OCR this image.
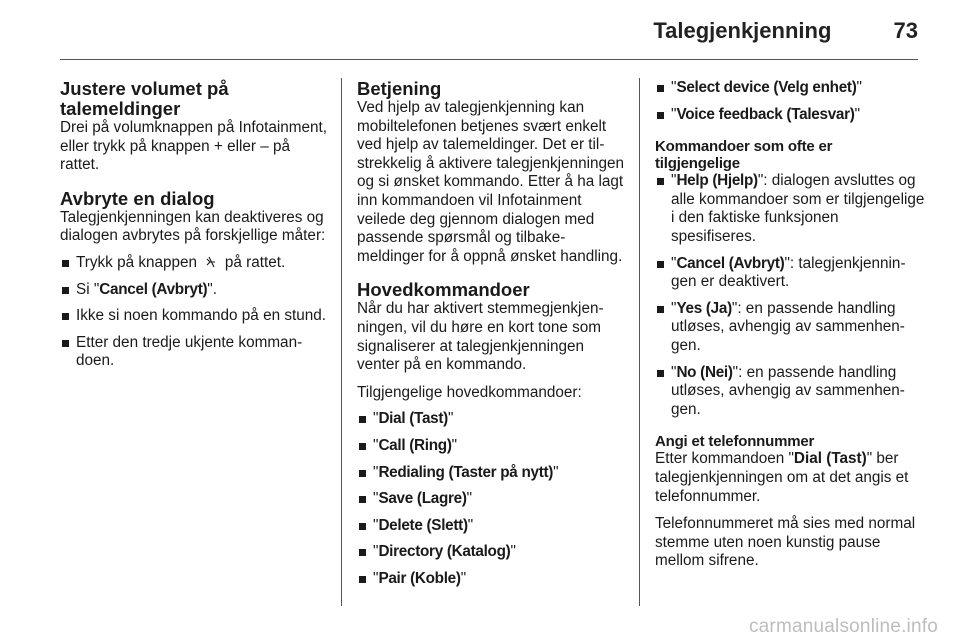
Talegjenkjenning	73
Justere volumet på
talemeldinger

Drei på volumknappen på Infotainment, eller trykk på knappen + eller – på rattet.

Avbryte en dialog

Talegjenkjenningen kan deaktiveres og dialogen avbrytes på forskjellige måter:

Trykk på knappen på rattet.
Si "Cancel (Avbryt)".
Ikke si noen kommando på en stund.
Etter den tredje ukjente kommandoen.
Betjening

Ved hjelp av talegjenkjenning kan mobiltelefonen betjenes svært enkelt ved hjelp av talemeldinger. Det er tilstrekkelig å aktivere talegjenkjenningen og si ønsket kommando. Etter å ha lagt inn kommandoen vil Infotainment veilede deg gjennom dialogen med passende spørsmål og tilbakemeldinger for å oppnå ønsket handling.

Hovedkommandoer

Når du har aktivert stemmegjenkjenningen, vil du høre en kort tone som signaliserer at talegjenkjenningen venter på en kommando.

Tilgjengelige hovedkommandoer:

"Dial (Tast)"
"Call (Ring)"
"Redialing (Taster på nytt)"
"Save (Lagre)"
"Delete (Slett)"
"Directory (Katalog)"
"Pair (Koble)"
"Select device (Velg enhet)"
"Voice feedback (Talesvar)"
Kommandoer som ofte er
tilgjengelige
"Help (Hjelp)": dialogen avsluttes og alle kommandoer som er tilgjengelige i den faktiske funksjonen spesifiseres.
"Cancel (Avbryt)": talegjenkjenningen er deaktivert.
"Yes (Ja)": en passende handling utløses, avhengig av sammenhengen.
"No (Nei)": en passende handling utløses, avhengig av sammenhengen.
Angi et telefonnummer

Etter kommandoen "Dial (Tast)" ber talegjenkjenningen om at det angis et telefonnummer.

Telefonnummeret må sies med normal stemme uten noen kunstig pause mellom sifrene.

carmanualsonline.info
